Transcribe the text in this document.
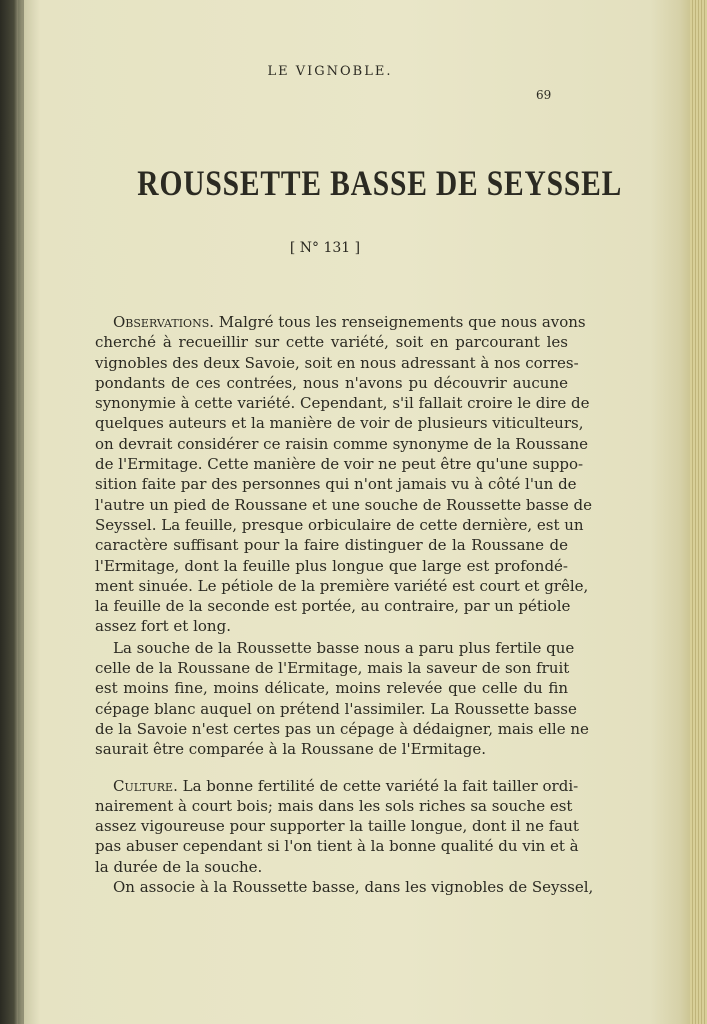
LE VIGNOBLE.
69
ROUSSETTE BASSE DE SEYSSEL
[ N° 131 ]
Observations. Malgré tous les renseignements que nous avons
cherché à recueillir sur cette variété, soit en parcourant les
vignobles des deux Savoie, soit en nous adressant à nos corres-
pondants de ces contrées, nous n'avons pu découvrir aucune
synonymie à cette variété. Cependant, s'il fallait croire le dire de
quelques auteurs et la manière de voir de plusieurs viticulteurs,
on devrait considérer ce raisin comme synonyme de la Roussane
de l'Ermitage. Cette manière de voir ne peut être qu'une suppo-
sition faite par des personnes qui n'ont jamais vu à côté l'un de
l'autre un pied de Roussane et une souche de Roussette basse de
Seyssel. La feuille, presque orbiculaire de cette dernière, est un
caractère suffisant pour la faire distinguer de la Roussane de
l'Ermitage, dont la feuille plus longue que large est profondé-
ment sinuée. Le pétiole de la première variété est court et grêle,
la feuille de la seconde est portée, au contraire, par un pétiole
assez fort et long.
La souche de la Roussette basse nous a paru plus fertile que
celle de la Roussane de l'Ermitage, mais la saveur de son fruit
est moins fine, moins délicate, moins relevée que celle du fin
cépage blanc auquel on prétend l'assimiler. La Roussette basse
de la Savoie n'est certes pas un cépage à dédaigner, mais elle ne
saurait être comparée à la Roussane de l'Ermitage.
Culture. La bonne fertilité de cette variété la fait tailler ordi-
nairement à court bois; mais dans les sols riches sa souche est
assez vigoureuse pour supporter la taille longue, dont il ne faut
pas abuser cependant si l'on tient à la bonne qualité du vin et à
la durée de la souche.
On associe à la Roussette basse, dans les vignobles de Seyssel,
